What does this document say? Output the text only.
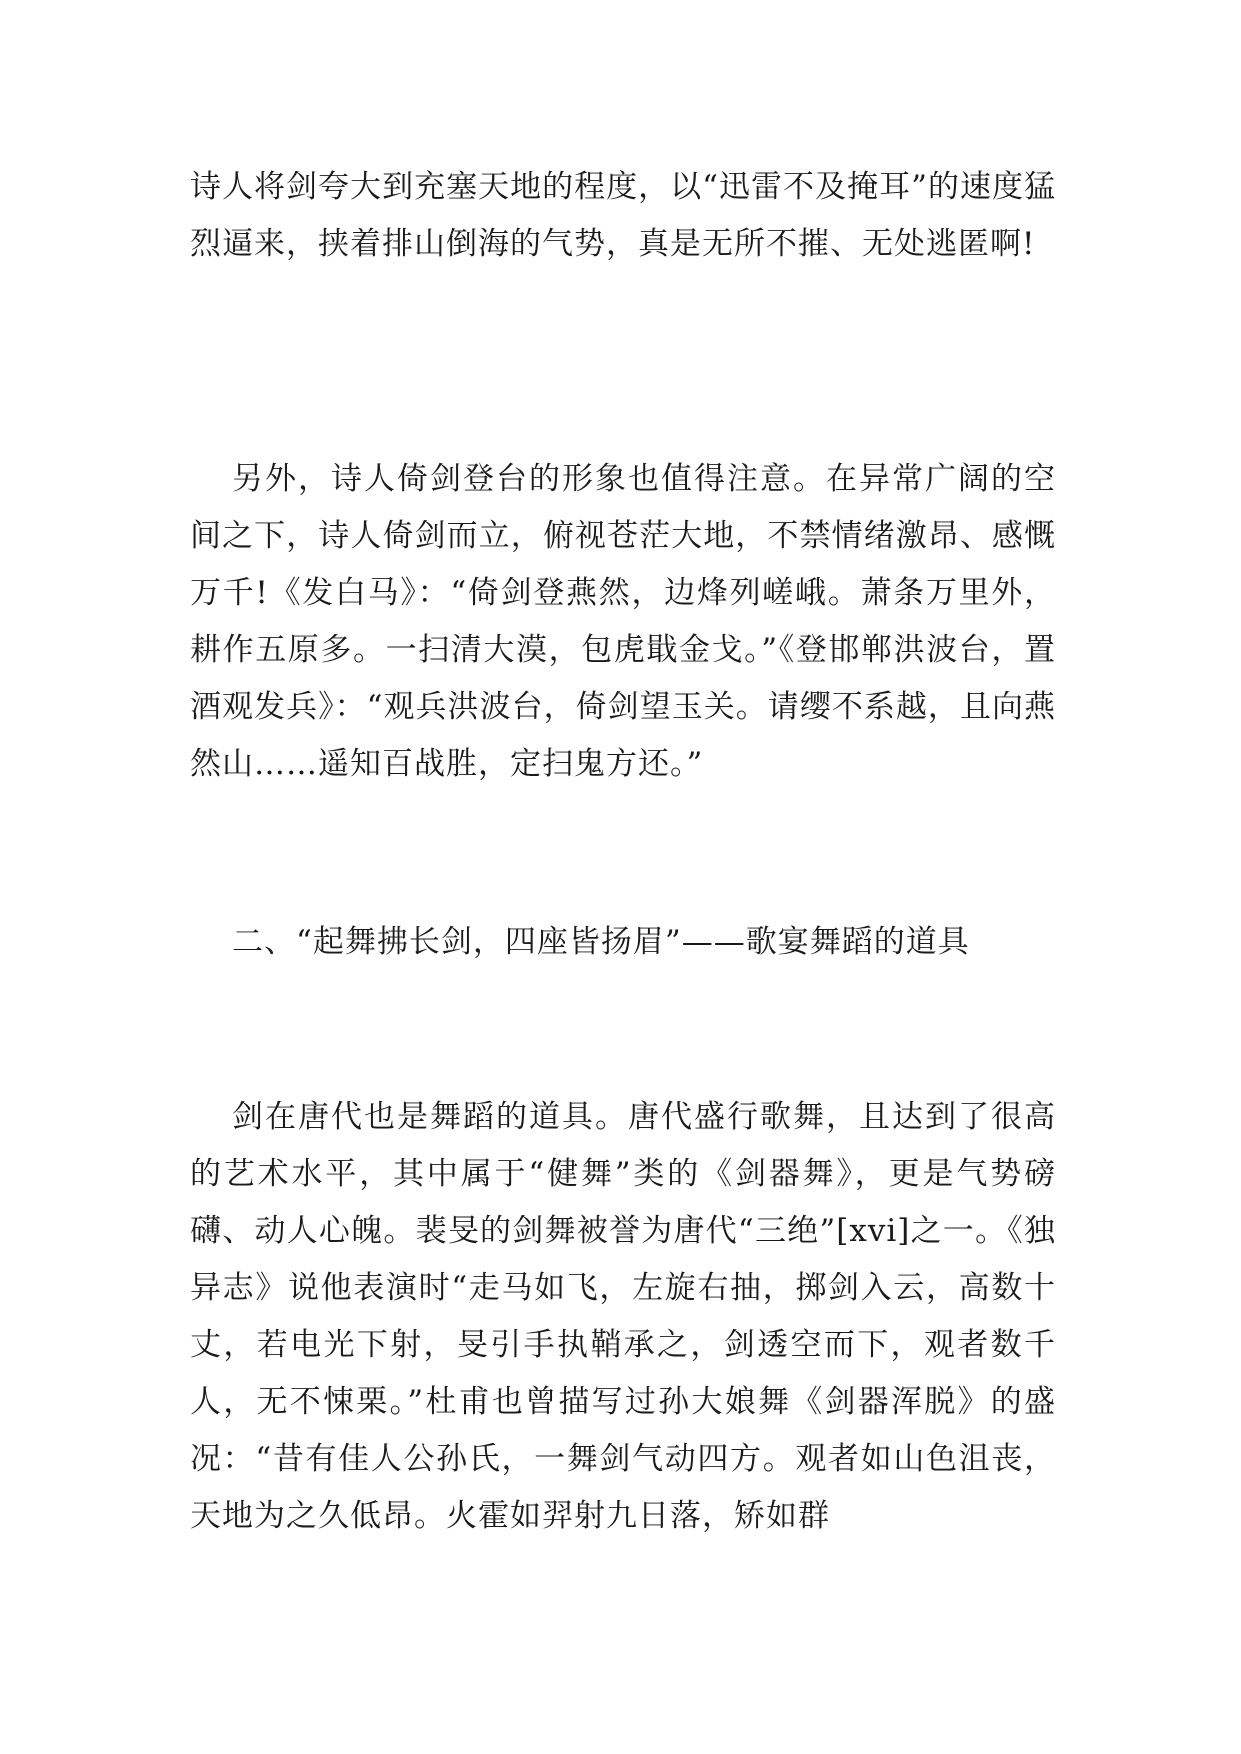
诗人将剑夸大到充塞天地的程度，以“迅雷不及掩耳”的速度猛烈逼来，挟着排山倒海的气势，真是无所不摧、无处逃匿啊!

另外，诗人倚剑登台的形象也值得注意。在异常广阔的空间之下，诗人倚剑而立，俯视苍茫大地，不禁情绪激昂、感慨万千!《发白马》：“倚剑登燕然，边烽列嵯峨。萧条万里外，耕作五原多。一扫清大漠，包虎戢金戈。”《登邯郸洪波台，置酒观发兵》：“观兵洪波台，倚剑望玉关。请缨不系越，且向燕然山……遥知百战胜，定扫鬼方还。”

二、“起舞拂长剑，四座皆扬眉”——歌宴舞蹈的道具

剑在唐代也是舞蹈的道具。唐代盛行歌舞，且达到了很高的艺术水平，其中属于“健舞”类的《剑器舞》，更是气势磅礴、动人心魄。裴旻的剑舞被誉为唐代“三绝”[xvi]之一。《独异志》说他表演时“走马如飞，左旋右抽，掷剑入云，高数十丈，若电光下射，旻引手执鞘承之，剑透空而下，观者数千人，无不悚栗。”杜甫也曾描写过孙大娘舞《剑器浑脱》的盛况：“昔有佳人公孙氏，一舞剑气动四方。观者如山色沮丧，天地为之久低昂。火霍如羿射九日落，矫如群
